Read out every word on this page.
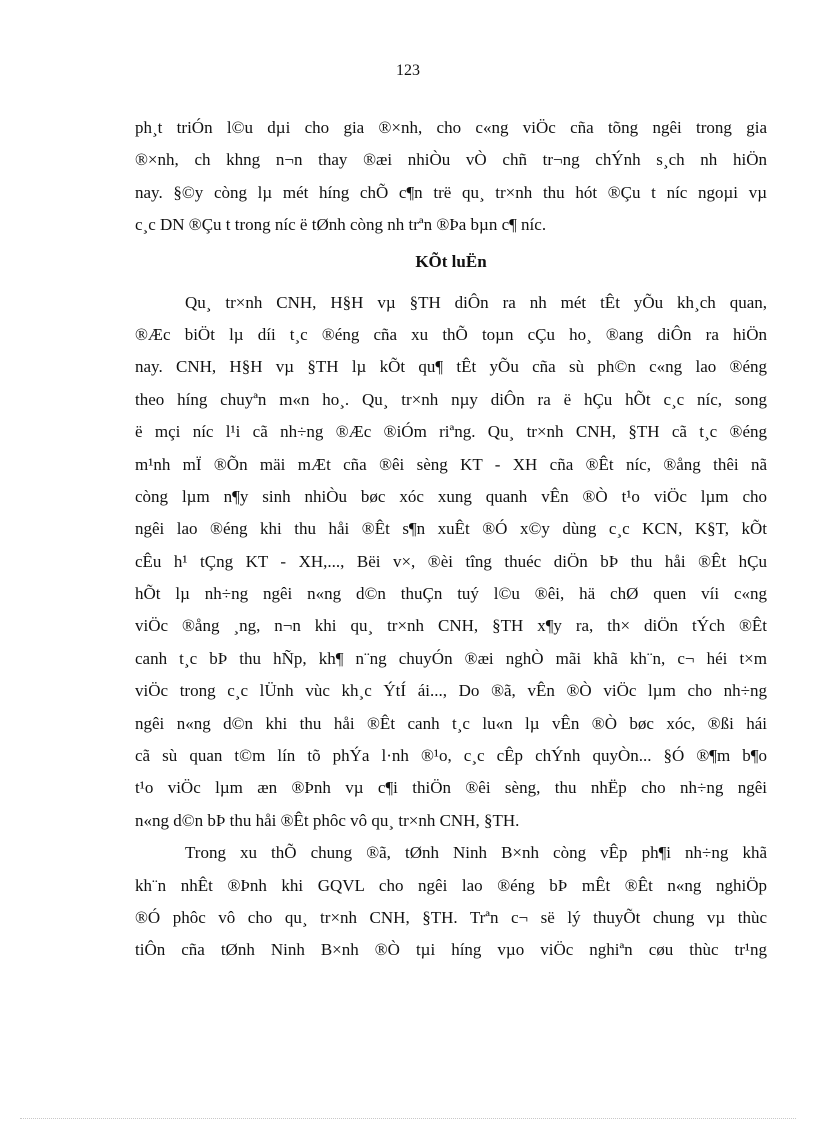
123
ph¸t triÓn l©u dµi cho gia ®×nh, cho c«ng viÖc cña tõng ngêi trong gia
®×nh, ch khng n¬n thay ®æi nhiÒu vÒ chñ tr¬ng chÝnh s¸ch nh hiÖn
nay. §©y còng lµ mét híng chÕ c¶n trë qu¸ tr×nh thu hót ®Çu t níc ngoµi vµ
c¸c DN ®Çu t trong níc ë tØnh còng nh trªn ®Þa bµn c¶ níc.
KÕt luËn
Qu¸ tr×nh CNH, H§H vµ §TH diÔn ra nh mét tÊt yÕu kh¸ch quan,
®Æc biÖt lµ díi t¸c ®éng cña xu thÕ toµn cÇu ho¸ ®ang diÔn ra hiÖn
nay. CNH, H§H vµ §TH lµ kÕt qu¶ tÊt yÕu cña sù ph©n c«ng lao ®éng
theo híng chuyªn m«n ho¸. Qu¸ tr×nh nµy diÔn ra ë hÇu hÕt c¸c níc, song
ë mçi níc l¹i cã nh÷ng ®Æc ®iÓm riªng. Qu¸ tr×nh CNH, §TH cã t¸c ®éng
m¹nh mÏ ®Õn mäi mÆt cña ®êi sèng KT - XH cña ®Êt níc, ®ång thêi nã
còng lµm n¶y sinh nhiÒu bøc xóc xung quanh vÊn ®Ò t¹o viÖc lµm cho
ngêi lao ®éng khi thu håi ®Êt s¶n xuÊt ®Ó x©y dùng c¸c KCN, K§T, kÕt
cÊu h¹ tÇng KT - XH,..., Bëi v×, ®èi tîng thuéc diÖn bÞ thu håi ®Êt hÇu
hÕt lµ nh÷ng ngêi n«ng d©n thuÇn tuý l©u ®êi, hä chØ quen víi c«ng
viÖc ®ång ¸ng, n¬n khi qu¸ tr×nh CNH, §TH x¶y ra, th× diÖn tÝch ®Êt
canh t¸c bÞ thu hÑp, kh¶ n¨ng chuyÓn ®æi nghÒ mãi khã kh¨n, c¬ héi t×m
viÖc trong c¸c lÜnh vùc kh¸c ÝtÍ ái..., Do ®ã, vÊn ®Ò viÖc lµm cho nh÷ng
ngêi n«ng d©n khi thu håi ®Êt canh t¸c lu«n lµ vÊn ®Ò bøc xóc, ®ßi hái
cã sù quan t©m lín tõ phÝa l·nh ®¹o, c¸c cÊp chÝnh quyÒn... §Ó ®¶m b¶o
t¹o viÖc lµm æn ®Þnh vµ c¶i thiÖn ®êi sèng, thu nhËp cho nh÷ng ngêi
n«ng d©n bÞ thu håi ®Êt phôc vô qu¸ tr×nh CNH, §TH.
Trong xu thÕ chung ®ã, tØnh Ninh B×nh còng vÊp ph¶i nh÷ng khã
kh¨n nhÊt ®Þnh khi GQVL cho ngêi lao ®éng bÞ mÊt ®Êt n«ng nghiÖp
®Ó phôc vô cho qu¸ tr×nh CNH, §TH. Trªn c¬ së lý thuyÕt chung vµ thùc
tiÔn cña tØnh Ninh B×nh ®Ò tµi híng vµo viÖc nghiªn cøu thùc tr¹ng
